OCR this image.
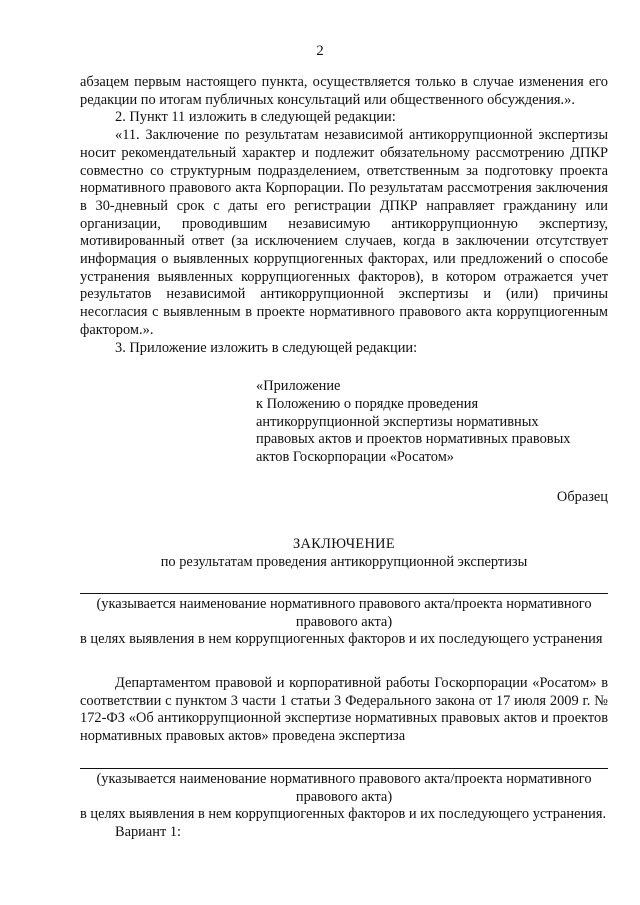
2

абзацем первым настоящего пункта, осуществляется только в случае изменения его редакции по итогам публичных консультаций или общественного обсуждения.».

2. Пункт 11 изложить в следующей редакции:

«11. Заключение по результатам независимой антикоррупционной экспертизы носит рекомендательный характер и подлежит обязательному рассмотрению ДПКР совместно со структурным подразделением, ответственным за подготовку проекта нормативного правового акта Корпорации. По результатам рассмотрения заключения в 30-дневный срок с даты его регистрации ДПКР направляет гражданину или организации, проводившим независимую антикоррупционную экспертизу, мотивированный ответ (за исключением случаев, когда в заключении отсутствует информация о выявленных коррупциогенных факторах, или предложений о способе устранения выявленных коррупциогенных факторов), в котором отражается учет результатов независимой антикоррупционной экспертизы и (или) причины несогласия с выявленным в проекте нормативного правового акта коррупциогенным фактором.».

3. Приложение изложить в следующей редакции:

«Приложение
к Положению о порядке проведения
антикоррупционной экспертизы нормативных
правовых актов и проектов нормативных правовых
актов Госкорпорации «Росатом»
Образец
ЗАКЛЮЧЕНИЕ
по результатам проведения антикоррупционной экспертизы

(указывается наименование нормативного правового акта/проекта нормативного правового акта)

в целях выявления в нем коррупциогенных факторов и их последующего устранения

Департаментом правовой и корпоративной работы Госкорпорации «Росатом» в соответствии с пунктом 3 части 1 статьи 3 Федерального закона от 17 июля 2009 г. № 172-ФЗ «Об антикоррупционной экспертизе нормативных правовых актов и проектов нормативных правовых актов» проведена экспертиза

(указывается наименование нормативного правового акта/проекта нормативного правового акта)

в целях выявления в нем коррупциогенных факторов и их последующего устранения.

Вариант 1:
